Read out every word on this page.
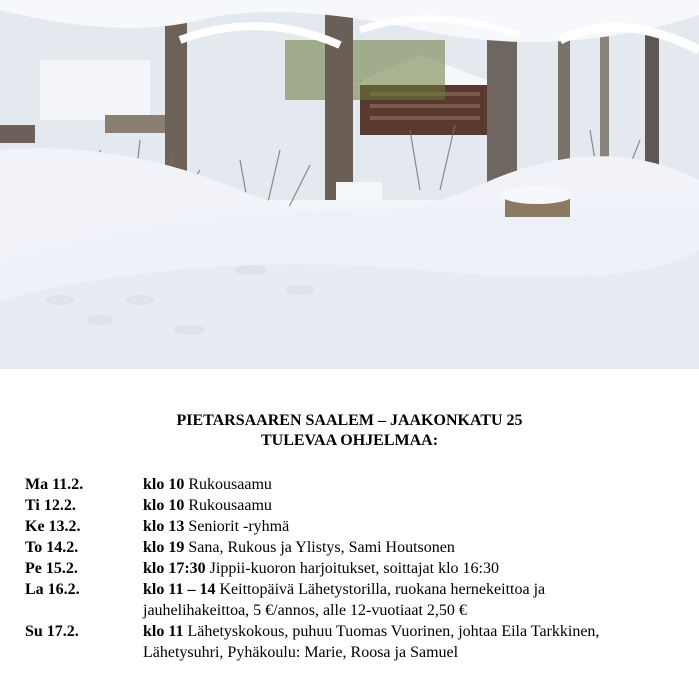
PIETARSAAREN SAALEM – JAAKONKATU 25
TULEVAA OHJELMAA:
Ma 11.2.	klo 10 Rukousaamu
Ti 12.2.	klo 10 Rukousaamu
Ke 13.2.	klo 13 Seniorit -ryhmä
To 14.2.	klo 19 Sana, Rukous ja Ylistys, Sami Houtsonen
Pe 15.2.	klo 17:30 Jippii-kuoron harjoitukset, soittajat klo 16:30
La 16.2.	klo 11 – 14 Keittopäivä Lähetystorilla, ruokana hernekeittoa ja
jauhelihakeittoa, 5 €/annos, alle 12-vuotiaat 2,50 €
Su 17.2.	klo 11 Lähetyskokous, puhuu Tuomas Vuorinen, johtaa Eila Tarkkinen,
Lähetysuhri, Pyhäkoulu: Marie, Roosa ja Samuel
